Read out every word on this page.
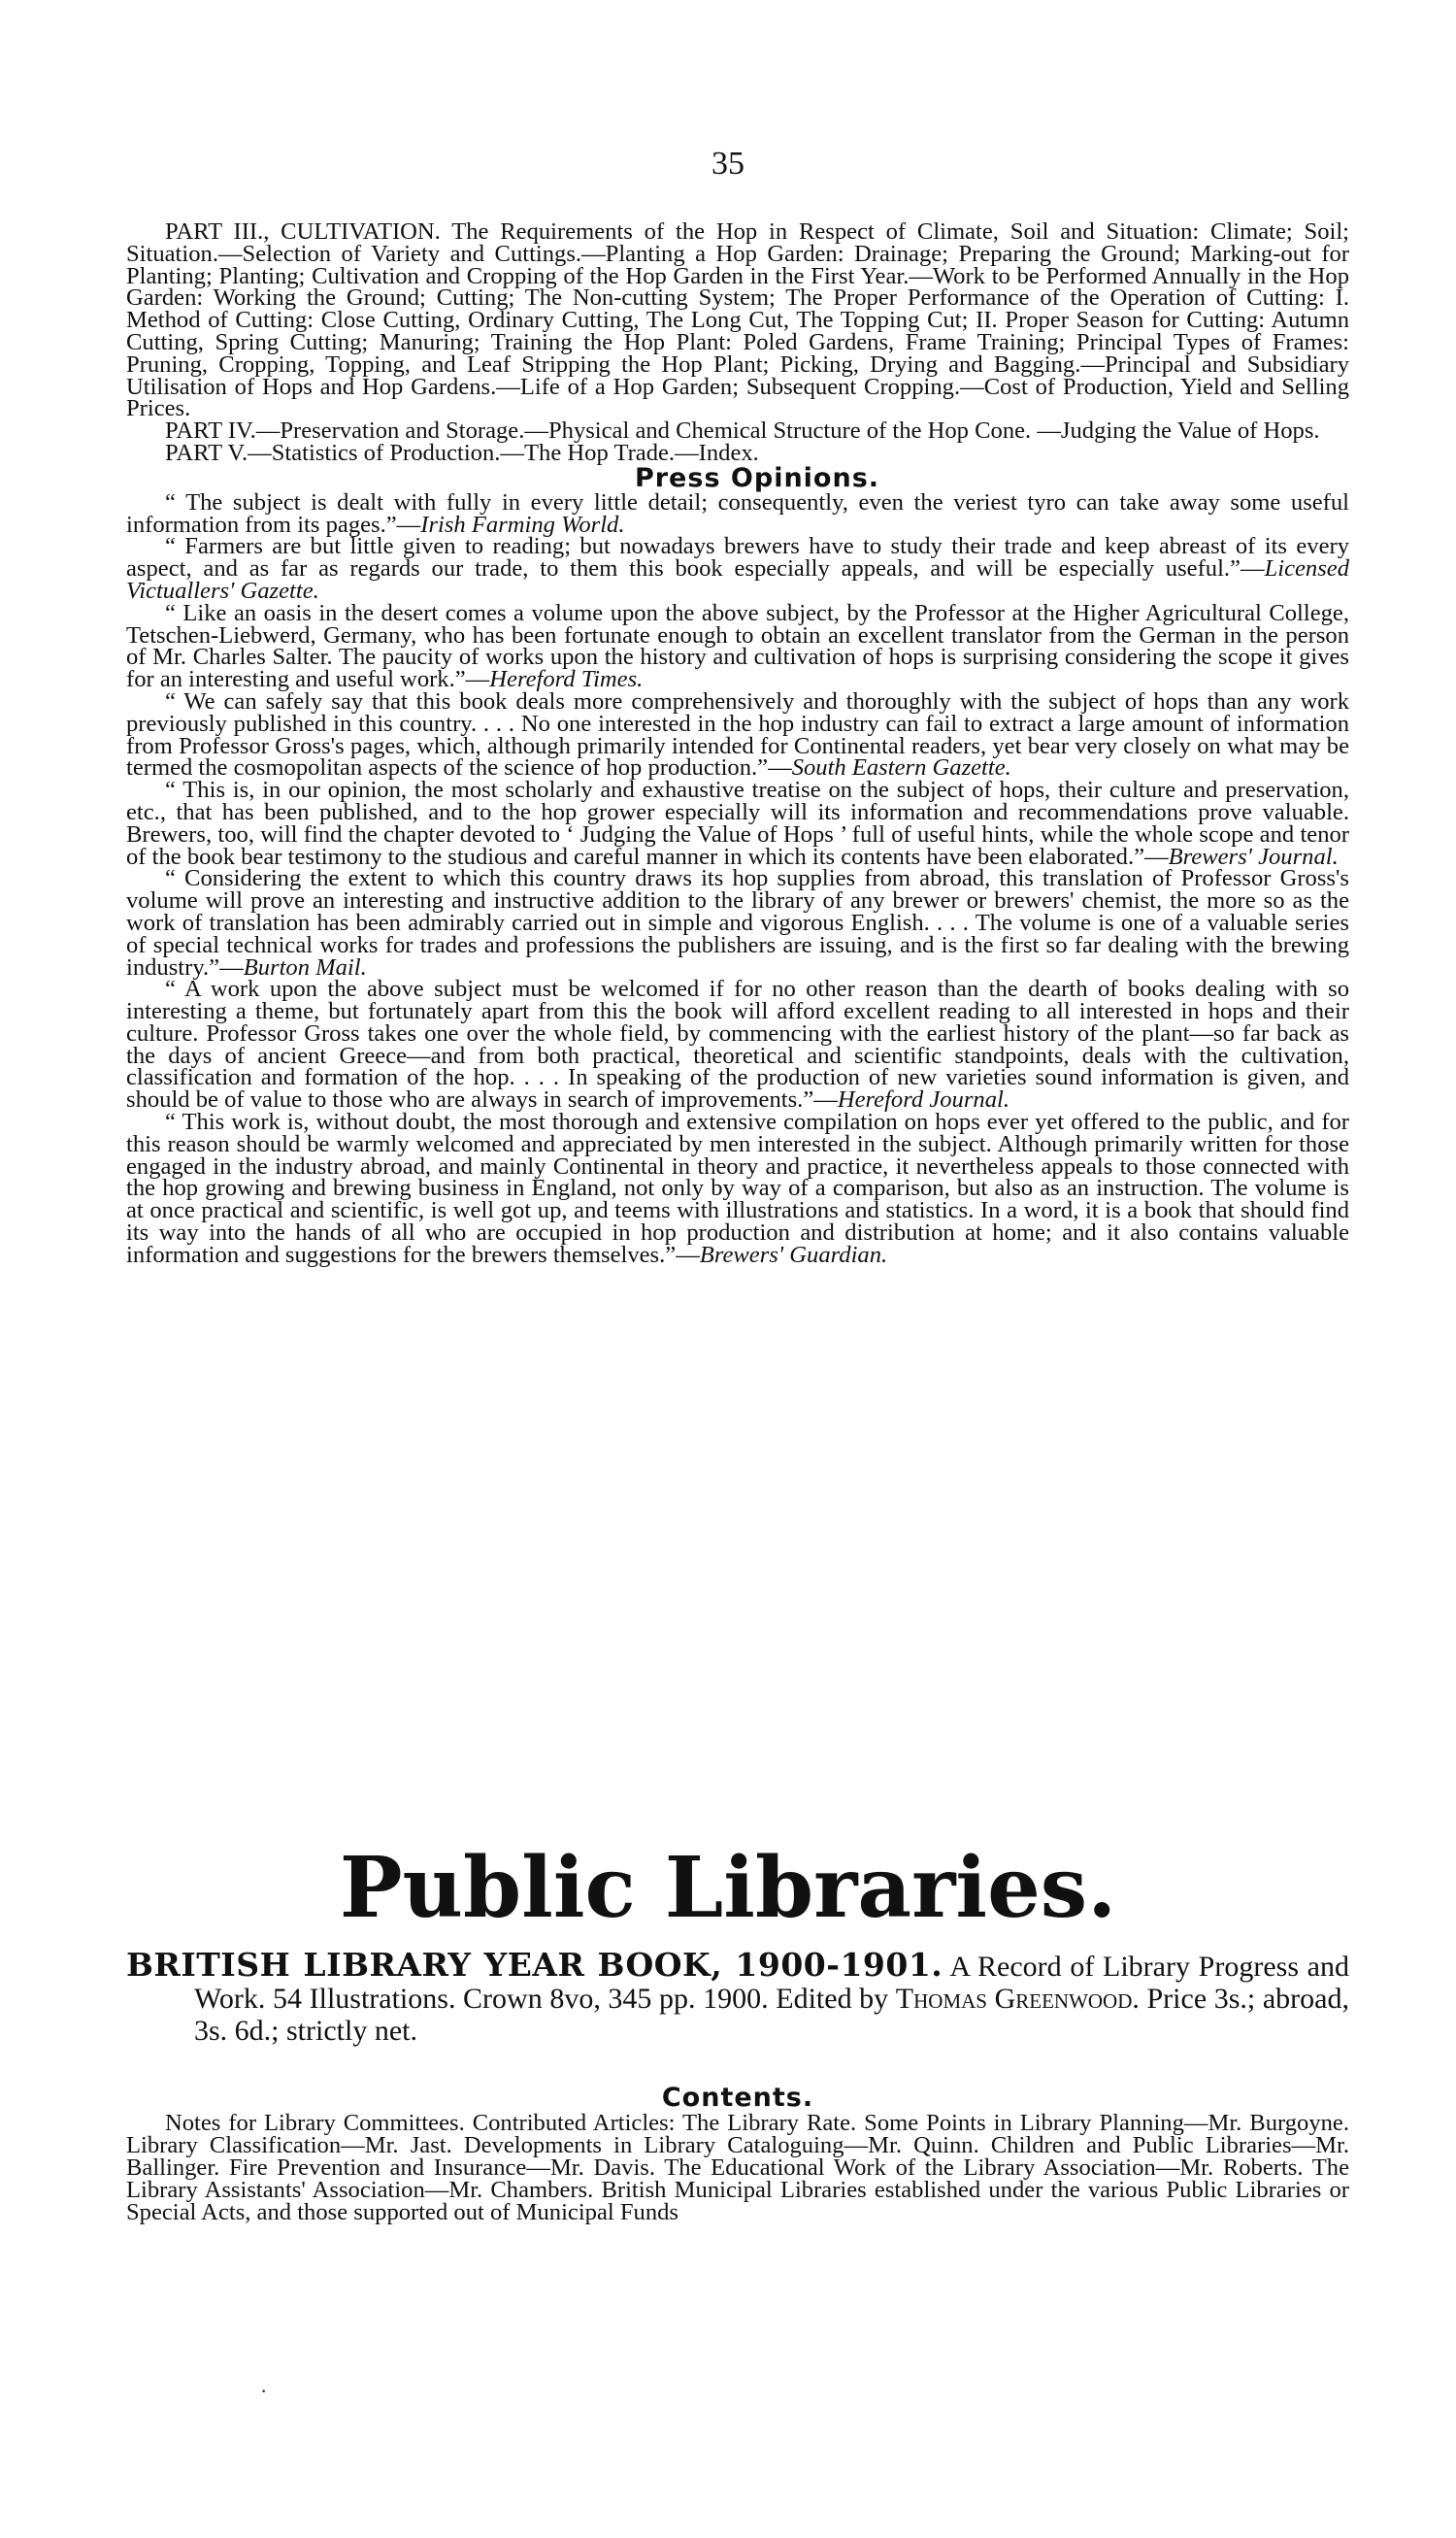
35

PART III., CULTIVATION. The Requirements of the Hop in Respect of Climate, Soil and Situation: Climate; Soil; Situation.—Selection of Variety and Cuttings.—Planting a Hop Garden: Drainage; Preparing the Ground; Marking-out for Planting; Planting; Cultivation and Cropping of the Hop Garden in the First Year.—Work to be Performed Annually in the Hop Garden: Working the Ground; Cutting; The Non-cutting System; The Proper Performance of the Operation of Cutting: I. Method of Cutting: Close Cutting, Ordinary Cutting, The Long Cut, The Topping Cut; II. Proper Season for Cutting: Autumn Cutting, Spring Cutting; Manuring; Training the Hop Plant: Poled Gardens, Frame Training; Principal Types of Frames: Pruning, Cropping, Topping, and Leaf Stripping the Hop Plant; Picking, Drying and Bagging.—Principal and Subsidiary Utilisation of Hops and Hop Gardens.—Life of a Hop Garden; Subsequent Cropping.—Cost of Production, Yield and Selling Prices.

PART IV.—Preservation and Storage.—Physical and Chemical Structure of the Hop Cone. —Judging the Value of Hops.

PART V.—Statistics of Production.—The Hop Trade.—Index.

Press Opinions.

“ The subject is dealt with fully in every little detail; consequently, even the veriest tyro can take away some useful information from its pages.”—Irish Farming World.

“ Farmers are but little given to reading; but nowadays brewers have to study their trade and keep abreast of its every aspect, and as far as regards our trade, to them this book especially appeals, and will be especially useful.”—Licensed Victuallers' Gazette.

“ Like an oasis in the desert comes a volume upon the above subject, by the Professor at the Higher Agricultural College, Tetschen-Liebwerd, Germany, who has been fortunate enough to obtain an excellent translator from the German in the person of Mr. Charles Salter. The paucity of works upon the history and cultivation of hops is surprising considering the scope it gives for an interesting and useful work.”—Hereford Times.

“ We can safely say that this book deals more comprehensively and thoroughly with the subject of hops than any work previously published in this country. . . . No one interested in the hop industry can fail to extract a large amount of information from Professor Gross's pages, which, although primarily intended for Continental readers, yet bear very closely on what may be termed the cosmopolitan aspects of the science of hop production.”—South Eastern Gazette.

“ This is, in our opinion, the most scholarly and exhaustive treatise on the subject of hops, their culture and preservation, etc., that has been published, and to the hop grower especially will its information and recommendations prove valuable. Brewers, too, will find the chapter devoted to ‘ Judging the Value of Hops ’ full of useful hints, while the whole scope and tenor of the book bear testimony to the studious and careful manner in which its contents have been elaborated.”—Brewers' Journal.

“ Considering the extent to which this country draws its hop supplies from abroad, this translation of Professor Gross's volume will prove an interesting and instructive addition to the library of any brewer or brewers' chemist, the more so as the work of translation has been admirably carried out in simple and vigorous English. . . . The volume is one of a valuable series of special technical works for trades and professions the publishers are issuing, and is the first so far dealing with the brewing industry.”—Burton Mail.

“ A work upon the above subject must be welcomed if for no other reason than the dearth of books dealing with so interesting a theme, but fortunately apart from this the book will afford excellent reading to all interested in hops and their culture. Professor Gross takes one over the whole field, by commencing with the earliest history of the plant—so far back as the days of ancient Greece—and from both practical, theoretical and scientific standpoints, deals with the cultivation, classification and formation of the hop. . . . In speaking of the production of new varieties sound information is given, and should be of value to those who are always in search of improvements.”—Hereford Journal.

“ This work is, without doubt, the most thorough and extensive compilation on hops ever yet offered to the public, and for this reason should be warmly welcomed and appreciated by men interested in the subject. Although primarily written for those engaged in the industry abroad, and mainly Continental in theory and practice, it nevertheless appeals to those connected with the hop growing and brewing business in England, not only by way of a comparison, but also as an instruction. The volume is at once practical and scientific, is well got up, and teems with illustrations and statistics. In a word, it is a book that should find its way into the hands of all who are occupied in hop production and distribution at home; and it also contains valuable information and suggestions for the brewers themselves.”—Brewers' Guardian.

Public Libraries.

BRITISH LIBRARY YEAR BOOK, 1900-1901. A Record of Library Progress and Work. 54 Illustrations. Crown 8vo, 345 pp. 1900. Edited by Thomas Greenwood. Price 3s.; abroad, 3s. 6d.; strictly net.

Contents.

Notes for Library Committees. Contributed Articles: The Library Rate. Some Points in Library Planning—Mr. Burgoyne. Library Classification—Mr. Jast. Developments in Library Cataloguing—Mr. Quinn. Children and Public Libraries—Mr. Ballinger. Fire Prevention and Insurance—Mr. Davis. The Educational Work of the Library Association—Mr. Roberts. The Library Assistants' Association—Mr. Chambers. British Municipal Libraries established under the various Public Libraries or Special Acts, and those supported out of Municipal Funds

·
